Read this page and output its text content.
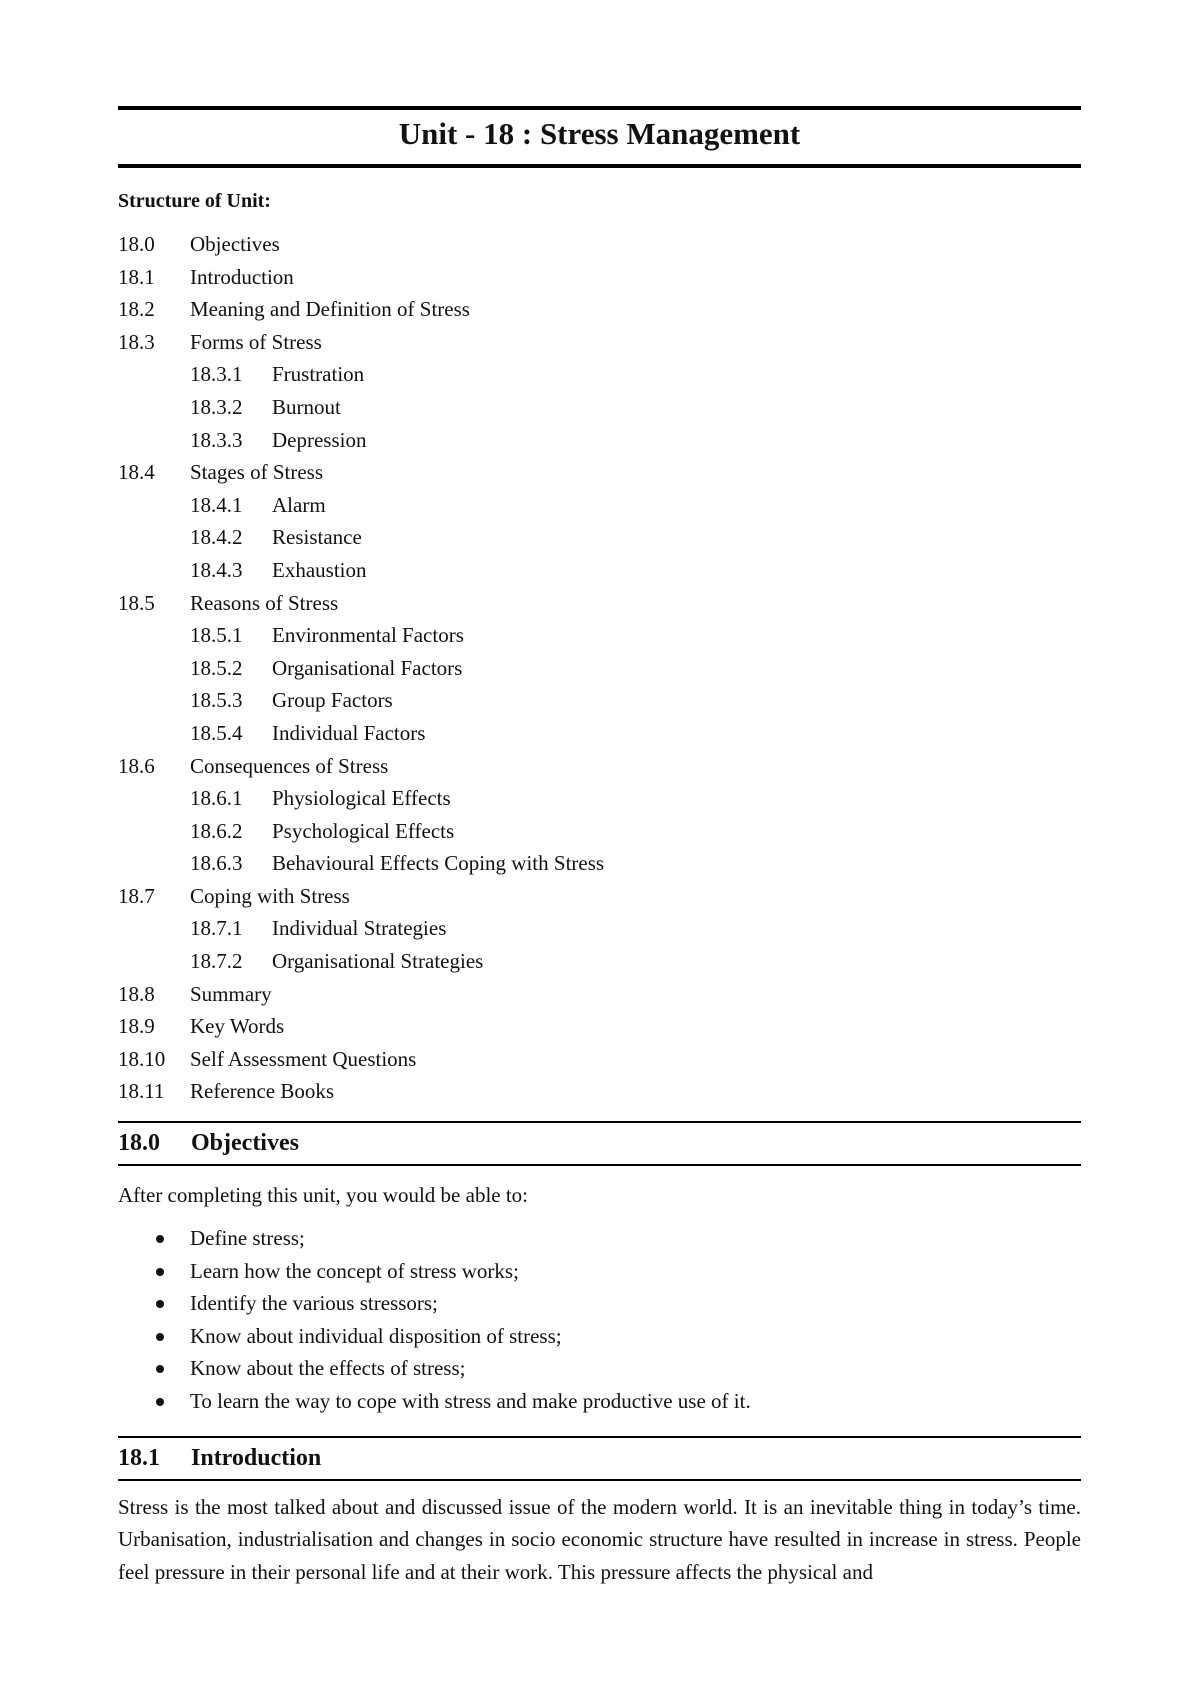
Unit - 18 : Stress Management
Structure of Unit:
18.0 Objectives
18.1 Introduction
18.2 Meaning and Definition of Stress
18.3 Forms of Stress
18.3.1 Frustration
18.3.2 Burnout
18.3.3 Depression
18.4 Stages of Stress
18.4.1 Alarm
18.4.2 Resistance
18.4.3 Exhaustion
18.5 Reasons of Stress
18.5.1 Environmental Factors
18.5.2 Organisational Factors
18.5.3 Group Factors
18.5.4 Individual Factors
18.6 Consequences of Stress
18.6.1 Physiological Effects
18.6.2 Psychological Effects
18.6.3 Behavioural Effects Coping with Stress
18.7 Coping with Stress
18.7.1 Individual Strategies
18.7.2 Organisational Strategies
18.8 Summary
18.9 Key Words
18.10 Self Assessment Questions
18.11 Reference Books
18.0 Objectives
After completing this unit, you would be able to:
Define stress;
Learn how the concept of stress works;
Identify the various stressors;
Know about individual disposition of stress;
Know about the effects of stress;
To learn the way to cope with stress and make productive use of it.
18.1 Introduction
Stress is the most talked about and discussed issue of the modern world. It is an inevitable thing in today’s time. Urbanisation, industrialisation and changes in socio economic structure have resulted in increase in stress. People feel pressure in their personal life and at their work. This pressure affects the physical and
